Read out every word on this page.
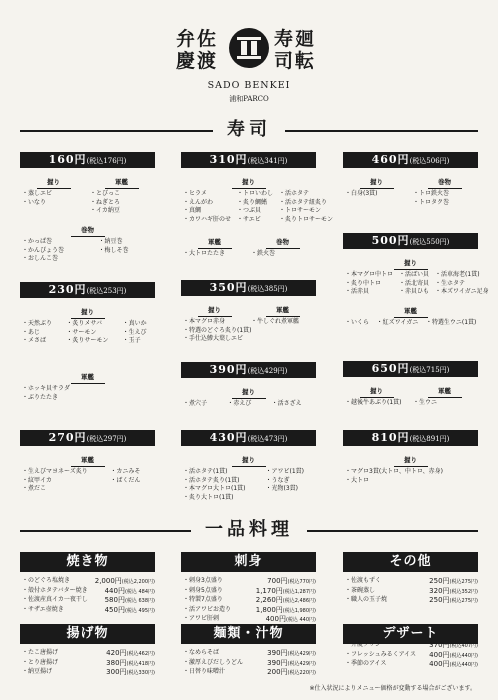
弁佐
慶渡
寿廻
司転
SADO BENKEI
浦和PARCO
寿司
160円(税込176円)
握り
・蒸しエビ
・いなり
軍艦
・とびっこ
・ねぎとろ
・イカ納豆
巻物
・かっぱ巻
・かんぴょう巻
・おしんこ巻
・納豆巻
・梅しそ巻
310円(税込341円)
握り
・ヒラメ
・えんがわ
・真鯛
・カワハギ肝のせ
・トロいわし
・炙り鯛鰭
・つぶ貝
・サエビ
・活ホタテ
・活ホタテ紐炙り
・トロサーモン
・炙りトロサーモン
軍艦
・大トロたたき
巻物
・鉄火巻
460円(税込506円)
握り
・白身(3貫)
巻物
・トロ鉄火巻
・トロタク巻
500円(税込550円)
握り
・本マグロ中トロ
・炙り中トロ
・活赤貝
・活ばい貝
・活北寄貝
・赤貝ひも
・活車海老(1貫)
・生ホタテ
・本ズワイガニ足身
軍艦
・いくら ・紅ズワイガニ ・特選生ウニ(1貫)
230円(税込253円)
握り
・天然ぶり
・あじ
・メさば
・炙りメサバ
・サーモン
・炙りサーモン
・真いか
・生えび
・玉子
軍艦
・ホッキ貝サラダ
・ぶりたたき
350円(税込385円)
握り
・本マグロ赤身
・特選のどぐろ炙り(1貫)
・手仕込鯵大葉しエビ
軍艦
・牛しぐれ煮軍艦
390円(税込429円)
握り
・煮穴子	・赤えび	・活さざえ
650円(税込715円)
握り
・越後牛あぶり(1貫)
軍艦
・生ウニ
270円(税込297円)
軍艦
・生えびマヨネーズ炙り
・紋甲イカ
・煮だこ
・カニみそ
・ばくだん
430円(税込473円)
握り
・活ホタテ(1貫)
・活ホタテ炙り(1貫)
・本マグロ大トロ(1貫)
・炙り大トロ(1貫)
・アワビ(1貫)
・うなぎ
・光物(3貫)
810円(税込891円)
握り
・マグロ3貫(大トロ、中トロ、赤身)
・大トロ
一品料理
焼き物
・のどぐろ塩焼き	2,000円(税込2,200円)
・殻付ホタテバター焼き 440円(税込 484円)
・佐渡産真イカ一夜干し 580円(税込 638円)
・サザエ壺焼き	450円(税込 495円)
刺身
・刺身3点盛り	700円(税込770円)
・刺身5点盛り	1,170円(税込1,287円)
・特製7点盛り	2,260円(税込2,486円)
・活アワビお造り	1,800円(税込1,980円)
・アワビ肝刺	400円(税込 440円)
その他
・佐渡もずく	250円(税込275円)
・茶碗蒸し	320円(税込352円)
・職人の玉子焼	250円(税込275円)
揚げ物
・たこ唐揚げ	420円(税込462円)
・とり唐揚げ	380円(税込418円)
・納豆揚げ	300円(税込330円)
麺類・汁物
・なめらそば	390円(税込429円)
・激厚えびだしうどん	390円(税込429円)
・日替り味噌汁	200円(税込220円)
デザート
・弁慶プリン	370円(税込407円)
・フレッシュみるくアイス 400円(税込440円)
・季節のアイス	400円(税込440円)
※仕入状況によりメニュー価格が変動する場合がございます。
